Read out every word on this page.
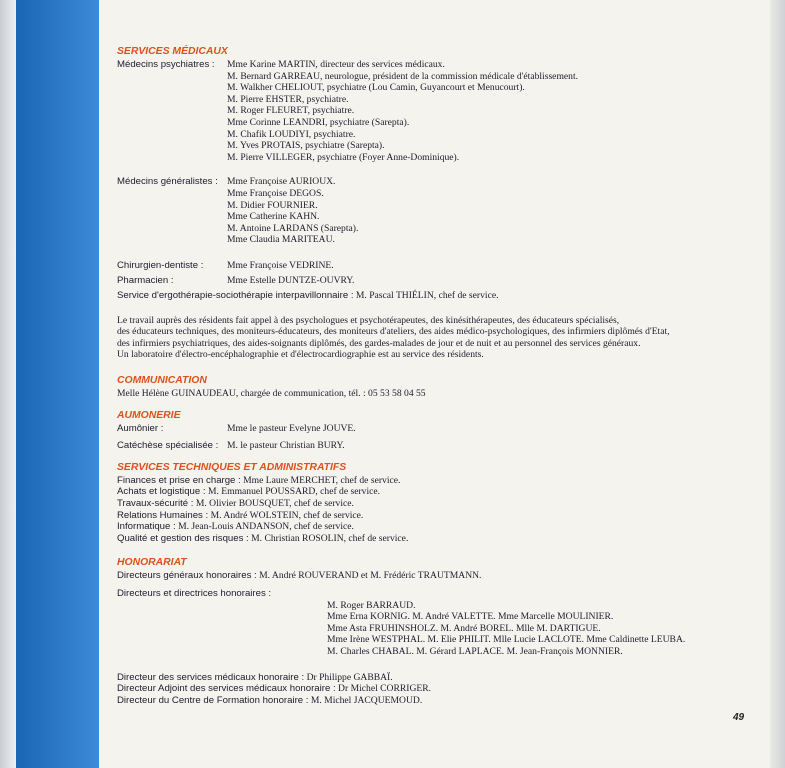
SERVICES MÉDICAUX
Médecins psychiatres :	Mme Karine MARTIN, directeur des services médicaux.
M. Bernard GARREAU, neurologue, président de la commission médicale d'établissement.
M. Walkher CHELIOUT, psychiatre (Lou Camin, Guyancourt et Menucourt).
M. Pierre EHSTER, psychiatre.
M. Roger FLEURET, psychiatre.
Mme Corinne LEANDRI, psychiatre (Sarepta).
M. Chafik LOUDIYI, psychiatre.
M. Yves PROTAIS, psychiatre (Sarepta).
M. Pierre VILLEGER, psychiatre (Foyer Anne-Dominique).
Médecins généralistes : Mme Françoise AURIOUX.
Mme Françoise DEGOS.
M. Didier FOURNIER.
Mme Catherine KAHN.
M. Antoine LARDANS (Sarepta).
Mme Claudia MARITEAU.
Chirurgien-dentiste :	Mme Françoise VEDRINE.
Pharmacien :	Mme Estelle DUNTZE-OUVRY.
Service d'ergothérapie-sociothérapie interpavillonnaire : M. Pascal THIÉLIN, chef de service.
Le travail auprès des résidents fait appel à des psychologues et psychotérapeutes, des kinésithérapeutes, des éducateurs spécialisés,
des éducateurs techniques, des moniteurs-éducateurs, des moniteurs d'ateliers, des aides médico-psychologiques, des infirmiers diplômés d'Etat,
des infirmiers psychiatriques, des aides-soignants diplômés, des gardes-malades de jour et de nuit et au personnel des services généraux.
Un laboratoire d'électro-encéphalographie et d'électrocardiographie est au service des résidents.
COMMUNICATION
Melle Hélène GUINAUDEAU, chargée de communication, tél. : 05 53 58 04 55
AUMONERIE
Aumônier :	Mme le pasteur Evelyne JOUVE.
Catéchèse spécialisée : M. le pasteur Christian BURY.
SERVICES TECHNIQUES ET ADMINISTRATIFS
Finances et prise en charge : Mme Laure MERCHET, chef de service.
Achats et logistique : M. Emmanuel POUSSARD, chef de service.
Travaux-sécurité : M. Olivier BOUSQUET, chef de service.
Relations Humaines : M. André WOLSTEIN, chef de service.
Informatique : M. Jean-Louis ANDANSON, chef de service.
Qualité et gestion des risques : M. Christian ROSOLIN, chef de service.
HONORARIAT
Directeurs généraux honoraires : M. André ROUVERAND et M. Frédéric TRAUTMANN.
Directeurs et directrices honoraires :
M. Roger BARRAUD.
Mme Erna KORNIG. M. André VALETTE. Mme Marcelle MOULINIER.
Mme Asta FRUHINSHOLZ. M. André BOREL. Mlle M. DARTIGUE.
Mme Irène WESTPHAL. M. Elie PHILIT. Mlle Lucie LACLOTE. Mme Caldinette LEUBA.
M. Charles CHABAL. M. Gérard LAPLACE. M. Jean-François MONNIER.
Directeur des services médicaux honoraire : Dr Philippe GABBAÏ.
Directeur Adjoint des services médicaux honoraire : Dr Michel CORRIGER.
Directeur du Centre de Formation honoraire : M. Michel JACQUEMOUD.
49
